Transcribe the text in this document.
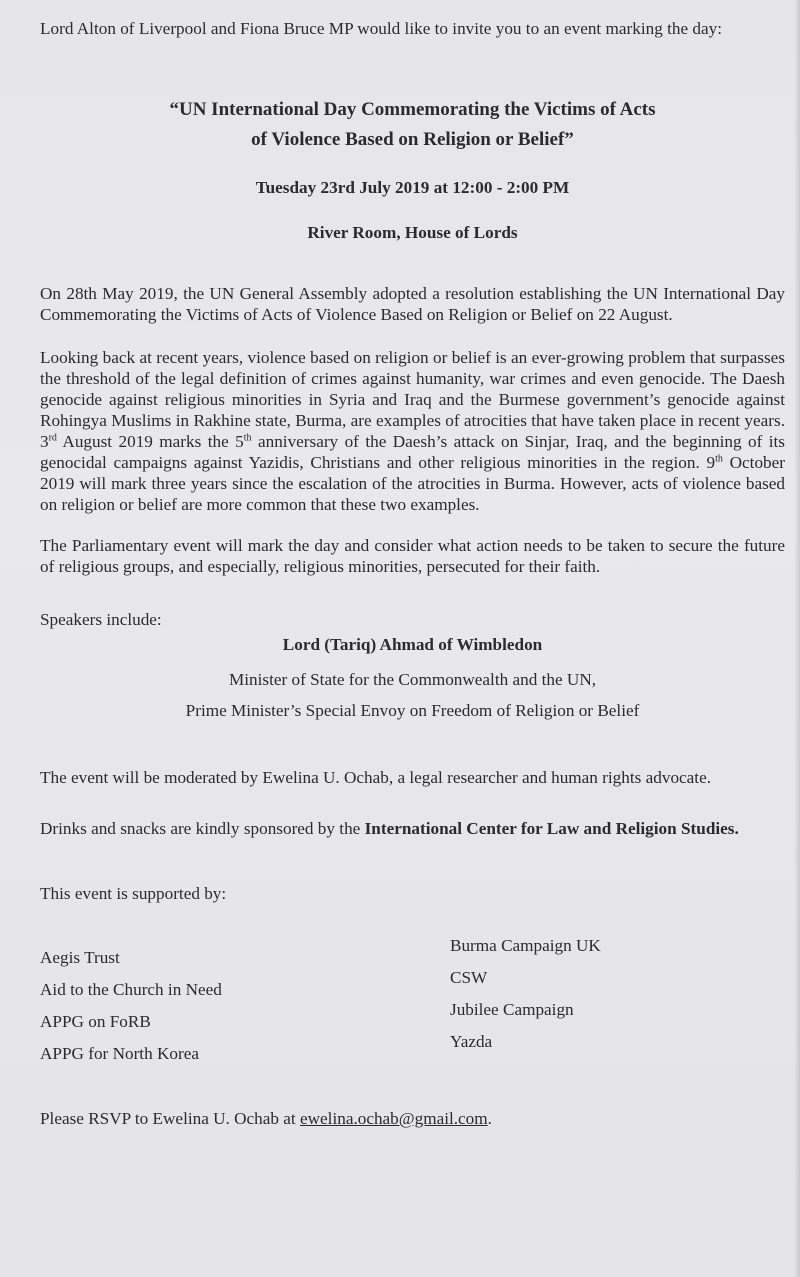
Lord Alton of Liverpool and Fiona Bruce MP would like to invite you to an event marking the day:

“UN International Day Commemorating the Victims of Acts
of Violence Based on Religion or Belief”

Tuesday 23rd July 2019 at 12:00 - 2:00 PM

River Room, House of Lords

On 28th May 2019, the UN General Assembly adopted a resolution establishing the UN International Day Commemorating the Victims of Acts of Violence Based on Religion or Belief on 22 August.

Looking back at recent years, violence based on religion or belief is an ever-growing problem that surpasses the threshold of the legal definition of crimes against humanity, war crimes and even genocide. The Daesh genocide against religious minorities in Syria and Iraq and the Burmese government’s genocide against Rohingya Muslims in Rakhine state, Burma, are examples of atrocities that have taken place in recent years. 3rd August 2019 marks the 5th anniversary of the Daesh’s attack on Sinjar, Iraq, and the beginning of its genocidal campaigns against Yazidis, Christians and other religious minorities in the region. 9th October 2019 will mark three years since the escalation of the atrocities in Burma. However, acts of violence based on religion or belief are more common that these two examples.

The Parliamentary event will mark the day and consider what action needs to be taken to secure the future of religious groups, and especially, religious minorities, persecuted for their faith.

Speakers include:

Lord (Tariq) Ahmad of Wimbledon

Minister of State for the Commonwealth and the UN,

Prime Minister’s Special Envoy on Freedom of Religion or Belief

The event will be moderated by Ewelina U. Ochab, a legal researcher and human rights advocate.

Drinks and snacks are kindly sponsored by the International Center for Law and Religion Studies.

This event is supported by:

Aegis Trust
Aid to the Church in Need
APPG on FoRB
APPG for North Korea
Burma Campaign UK
CSW
Jubilee Campaign
Yazda

Please RSVP to Ewelina U. Ochab at ewelina.ochab@gmail.com.
